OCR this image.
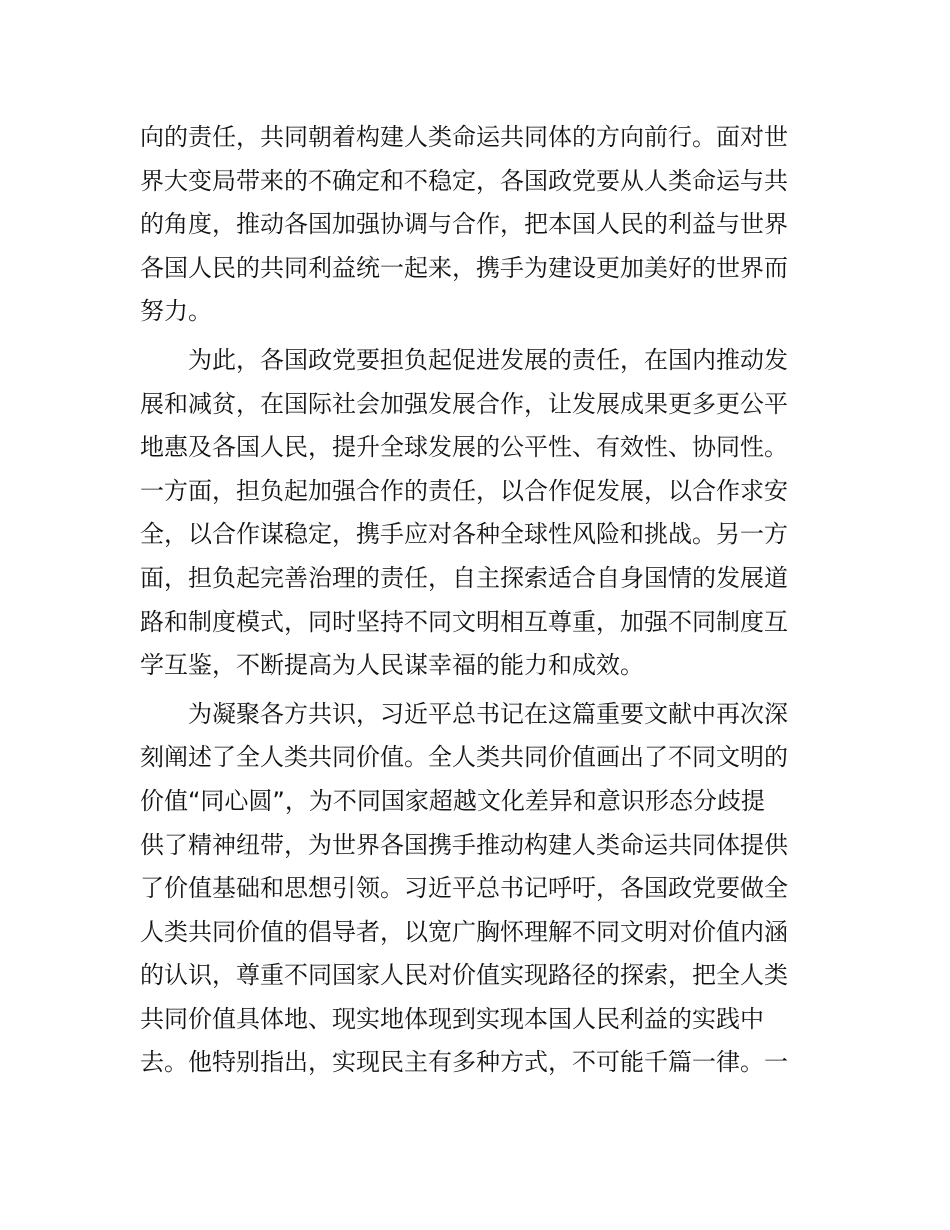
向的责任，共同朝着构建人类命运共同体的方向前行。面对世
界大变局带来的不确定和不稳定，各国政党要从人类命运与共
的角度，推动各国加强协调与合作，把本国人民的利益与世界
各国人民的共同利益统一起来，携手为建设更加美好的世界而
努力。
为此，各国政党要担负起促进发展的责任，在国内推动发
展和减贫，在国际社会加强发展合作，让发展成果更多更公平
地惠及各国人民，提升全球发展的公平性、有效性、协同性。
一方面，担负起加强合作的责任，以合作促发展，以合作求安
全，以合作谋稳定，携手应对各种全球性风险和挑战。另一方
面，担负起完善治理的责任，自主探索适合自身国情的发展道
路和制度模式，同时坚持不同文明相互尊重，加强不同制度互
学互鉴，不断提高为人民谋幸福的能力和成效。
为凝聚各方共识，习近平总书记在这篇重要文献中再次深
刻阐述了全人类共同价值。全人类共同价值画出了不同文明的
价值“同心圆”，为不同国家超越文化差异和意识形态分歧提
供了精神纽带，为世界各国携手推动构建人类命运共同体提供
了价值基础和思想引领。习近平总书记呼吁，各国政党要做全
人类共同价值的倡导者，以宽广胸怀理解不同文明对价值内涵
的认识，尊重不同国家人民对价值实现路径的探索，把全人类
共同价值具体地、现实地体现到实现本国人民利益的实践中
去。他特别指出，实现民主有多种方式，不可能千篇一律。一
